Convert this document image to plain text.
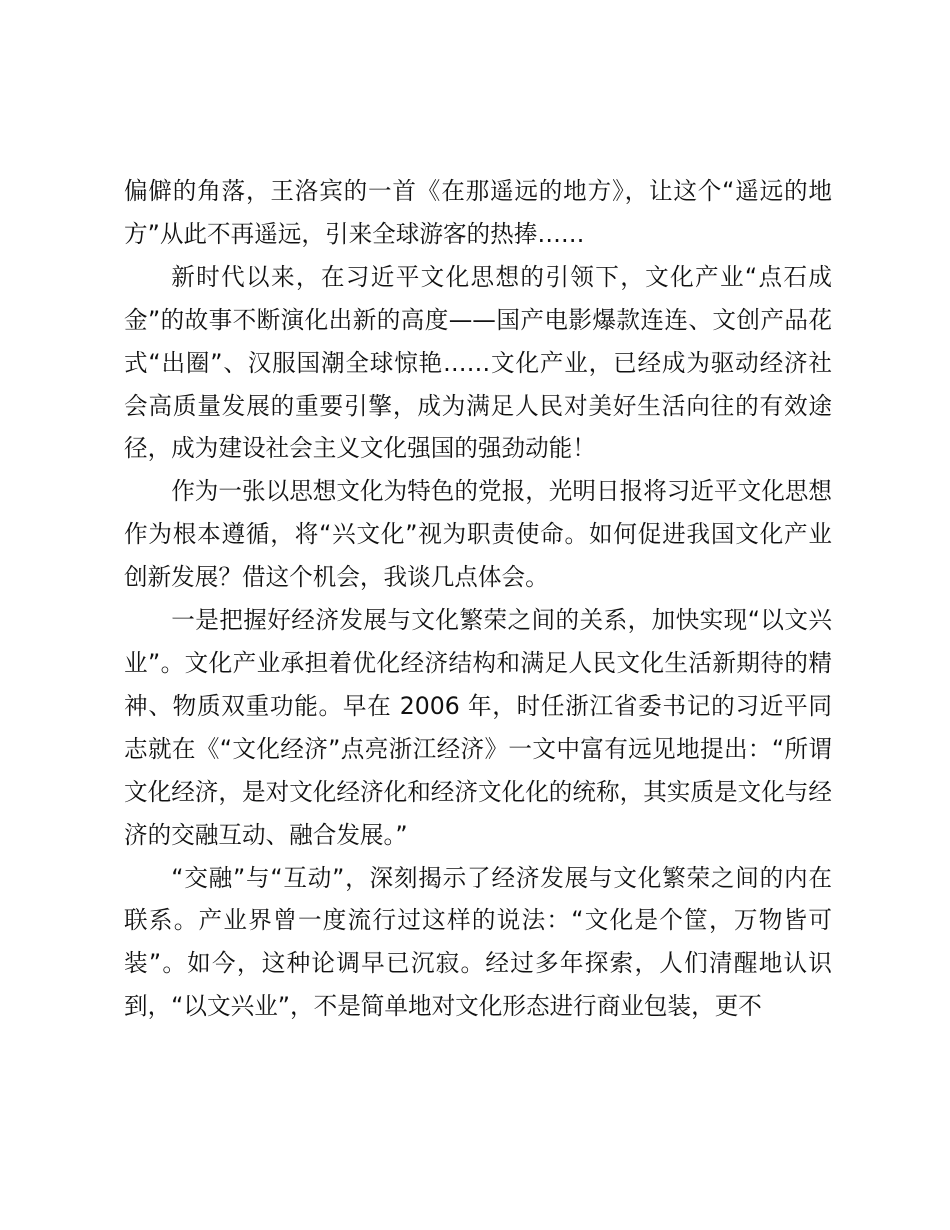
偏僻的角落，王洛宾的一首《在那遥远的地方》，让这个“遥远的地方”从此不再遥远，引来全球游客的热捧……

新时代以来，在习近平文化思想的引领下，文化产业“点石成金”的故事不断演化出新的高度——国产电影爆款连连、文创产品花式“出圈”、汉服国潮全球惊艳……文化产业，已经成为驱动经济社会高质量发展的重要引擎，成为满足人民对美好生活向往的有效途径，成为建设社会主义文化强国的强劲动能！

作为一张以思想文化为特色的党报，光明日报将习近平文化思想作为根本遵循，将“兴文化”视为职责使命。如何促进我国文化产业创新发展？借这个机会，我谈几点体会。

一是把握好经济发展与文化繁荣之间的关系，加快实现“以文兴业”。文化产业承担着优化经济结构和满足人民文化生活新期待的精神、物质双重功能。早在 2006 年，时任浙江省委书记的习近平同志就在《“文化经济”点亮浙江经济》一文中富有远见地提出：“所谓文化经济，是对文化经济化和经济文化化的统称，其实质是文化与经济的交融互动、融合发展。”

“交融”与“互动”，深刻揭示了经济发展与文化繁荣之间的内在联系。产业界曾一度流行过这样的说法：“文化是个筐，万物皆可装”。如今，这种论调早已沉寂。经过多年探索，人们清醒地认识到，“以文兴业”，不是简单地对文化形态进行商业包装，更不
